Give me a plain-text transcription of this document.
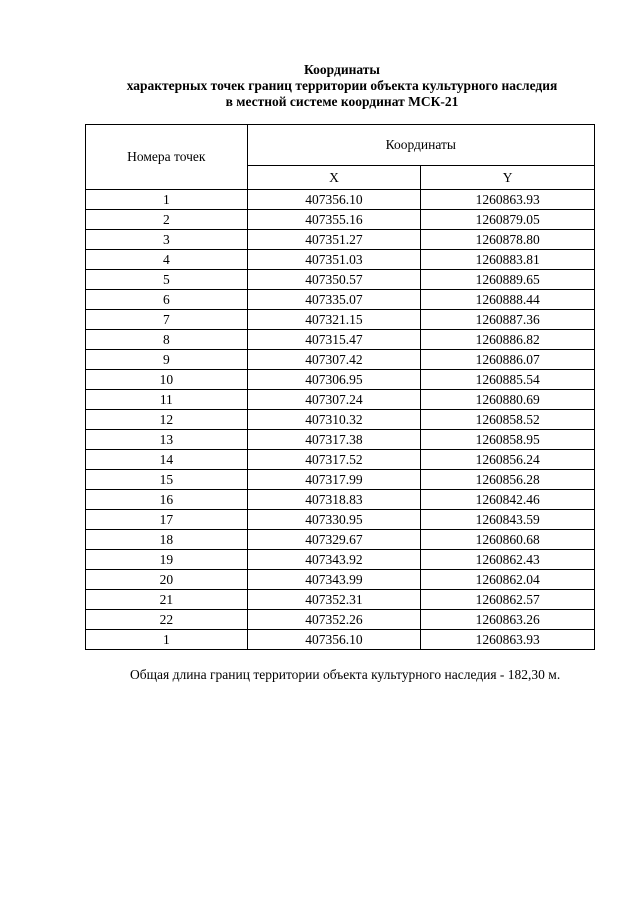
Координаты
характерных точек границ территории объекта культурного наследия
в местной системе координат МСК-21
Номера точек	Координаты	
	X	Y
1	407356.10	1260863.93
2	407355.16	1260879.05
3	407351.27	1260878.80
4	407351.03	1260883.81
5	407350.57	1260889.65
6	407335.07	1260888.44
7	407321.15	1260887.36
8	407315.47	1260886.82
9	407307.42	1260886.07
10	407306.95	1260885.54
11	407307.24	1260880.69
12	407310.32	1260858.52
13	407317.38	1260858.95
14	407317.52	1260856.24
15	407317.99	1260856.28
16	407318.83	1260842.46
17	407330.95	1260843.59
18	407329.67	1260860.68
19	407343.92	1260862.43
20	407343.99	1260862.04
21	407352.31	1260862.57
22	407352.26	1260863.26
1	407356.10	1260863.93
Общая длина границ территории объекта культурного наследия - 182,30 м.
